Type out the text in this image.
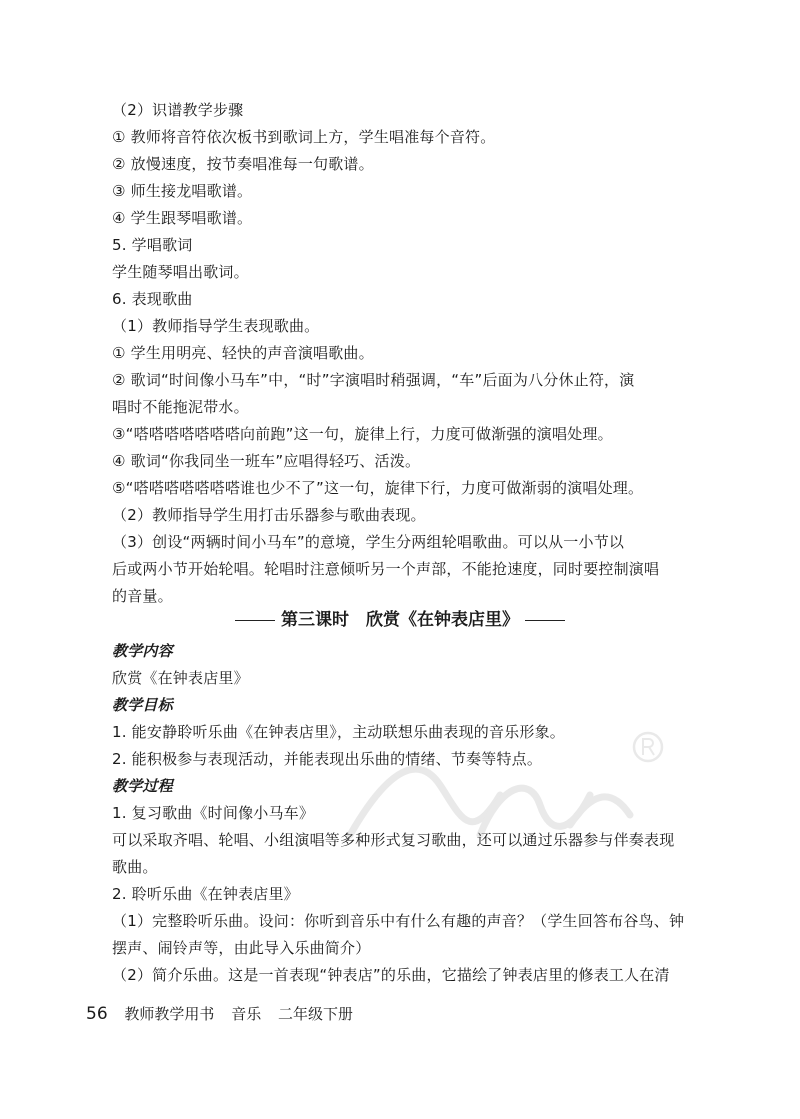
（2）识谱教学步骤
① 教师将音符依次板书到歌词上方，学生唱准每个音符。
② 放慢速度，按节奏唱准每一句歌谱。
③ 师生接龙唱歌谱。
④ 学生跟琴唱歌谱。
5. 学唱歌词
学生随琴唱出歌词。
6. 表现歌曲
（1）教师指导学生表现歌曲。
① 学生用明亮、轻快的声音演唱歌曲。
② 歌词“时间像小马车”中，“时”字演唱时稍强调，“车”后面为八分休止符，演
唱时不能拖泥带水。
③“嗒嗒嗒嗒嗒嗒嗒向前跑”这一句，旋律上行，力度可做渐强的演唱处理。
④ 歌词“你我同坐一班车”应唱得轻巧、活泼。
⑤“嗒嗒嗒嗒嗒嗒嗒谁也少不了”这一句，旋律下行，力度可做渐弱的演唱处理。
（2）教师指导学生用打击乐器参与歌曲表现。
（3）创设“两辆时间小马车”的意境，学生分两组轮唱歌曲。可以从一小节以
后或两小节开始轮唱。轮唱时注意倾听另一个声部，不能抢速度，同时要控制演唱
的音量。
第三课时　欣赏《在钟表店里》
教学内容
欣赏《在钟表店里》
教学目标
1. 能安静聆听乐曲《在钟表店里》，主动联想乐曲表现的音乐形象。
2. 能积极参与表现活动，并能表现出乐曲的情绪、节奏等特点。
教学过程
1. 复习歌曲《时间像小马车》
可以采取齐唱、轮唱、小组演唱等多种形式复习歌曲，还可以通过乐器参与伴奏表现
歌曲。
2. 聆听乐曲《在钟表店里》
（1）完整聆听乐曲。设问：你听到音乐中有什么有趣的声音？（学生回答布谷鸟、钟
摆声、闹铃声等，由此导入乐曲简介）
（2）简介乐曲。这是一首表现“钟表店”的乐曲，它描绘了钟表店里的修表工人在清
56 教师教学用书 音乐 二年级下册
